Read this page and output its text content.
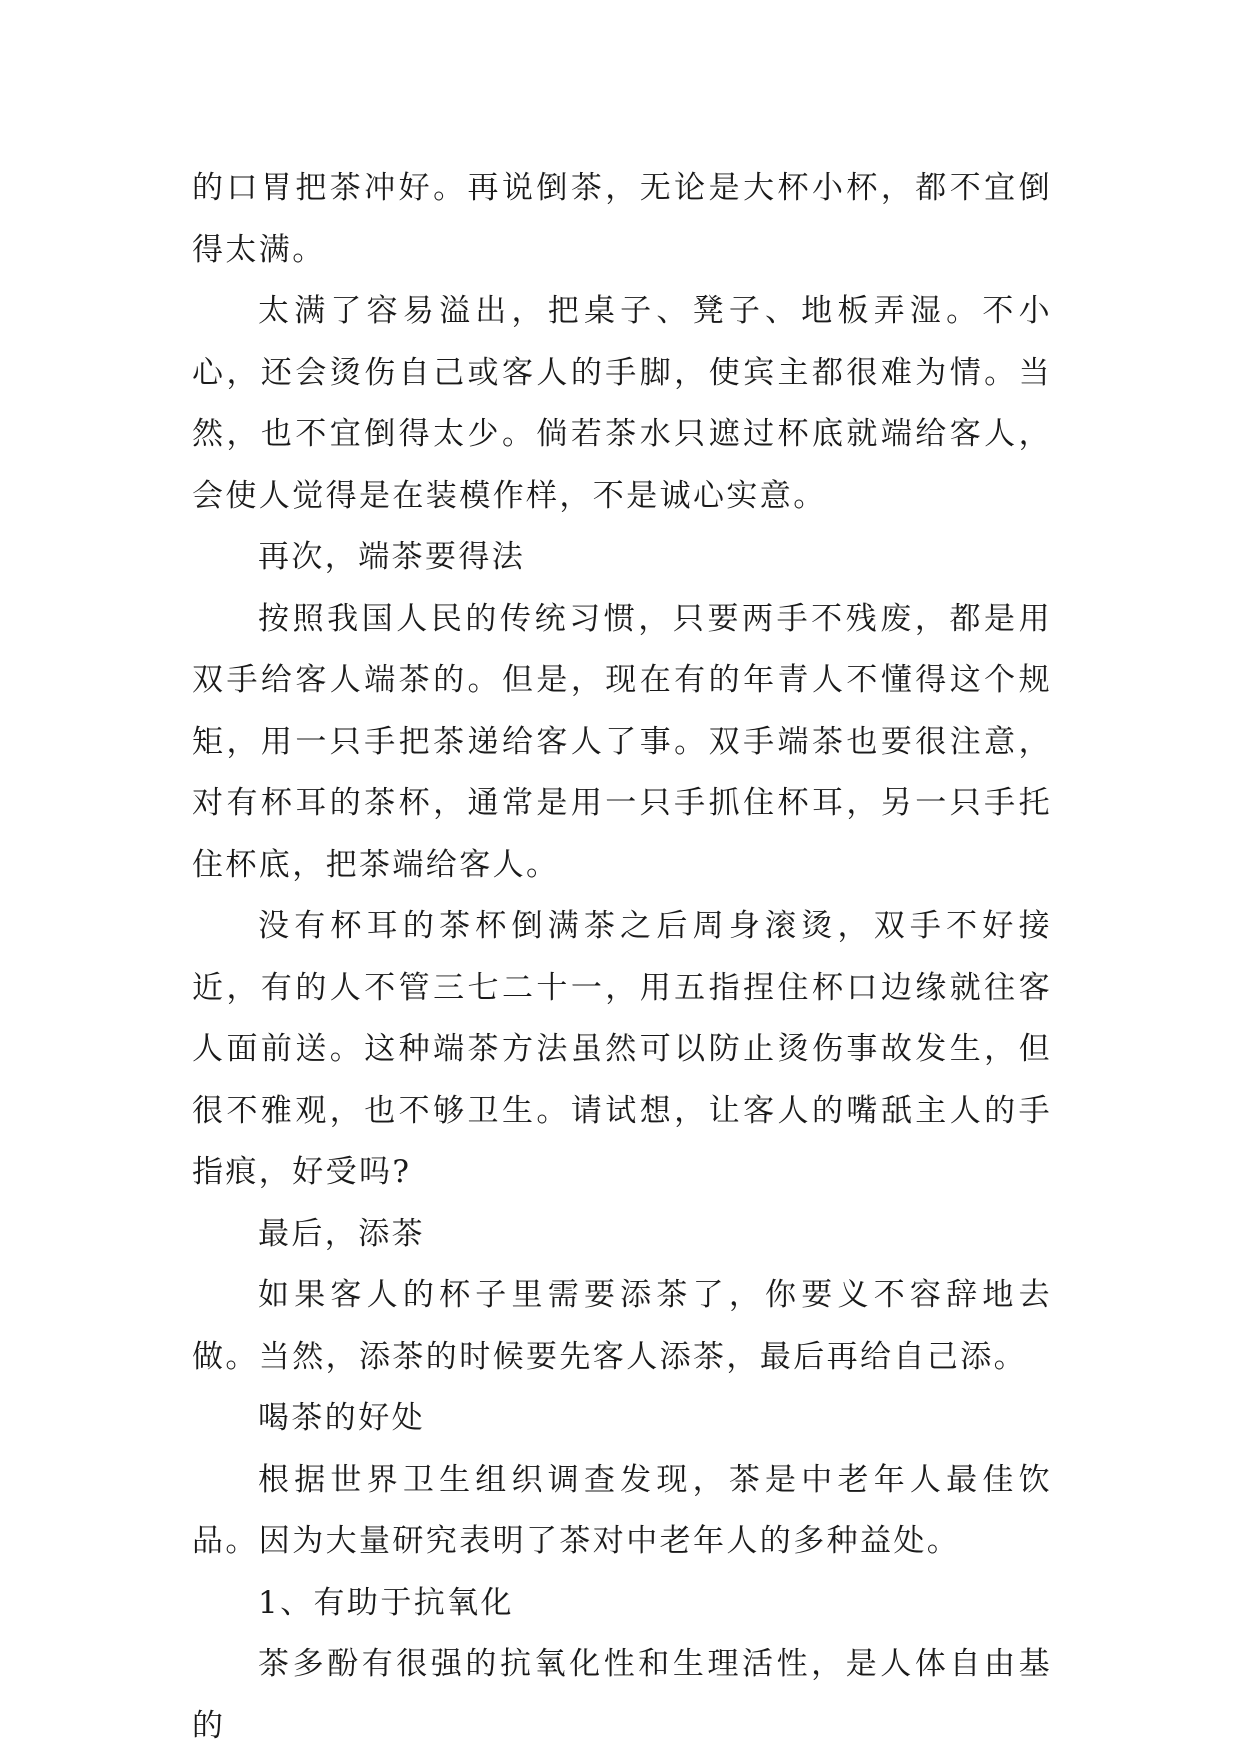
的口胃把茶冲好。再说倒茶，无论是大杯小杯，都不宜倒得太满。

太满了容易溢出，把桌子、凳子、地板弄湿。不小心，还会烫伤自己或客人的手脚，使宾主都很难为情。当然，也不宜倒得太少。倘若茶水只遮过杯底就端给客人，会使人觉得是在装模作样，不是诚心实意。

再次，端茶要得法

按照我国人民的传统习惯，只要两手不残废，都是用双手给客人端茶的。但是，现在有的年青人不懂得这个规矩，用一只手把茶递给客人了事。双手端茶也要很注意，对有杯耳的茶杯，通常是用一只手抓住杯耳，另一只手托住杯底，把茶端给客人。

没有杯耳的茶杯倒满茶之后周身滚烫，双手不好接近，有的人不管三七二十一，用五指捏住杯口边缘就往客人面前送。这种端茶方法虽然可以防止烫伤事故发生，但很不雅观，也不够卫生。请试想，让客人的嘴舐主人的手指痕，好受吗?

最后，添茶

如果客人的杯子里需要添茶了，你要义不容辞地去做。当然，添茶的时候要先客人添茶，最后再给自己添。

喝茶的好处

根据世界卫生组织调查发现，茶是中老年人最佳饮品。因为大量研究表明了茶对中老年人的多种益处。

1、有助于抗氧化

茶多酚有很强的抗氧化性和生理活性，是人体自由基的
